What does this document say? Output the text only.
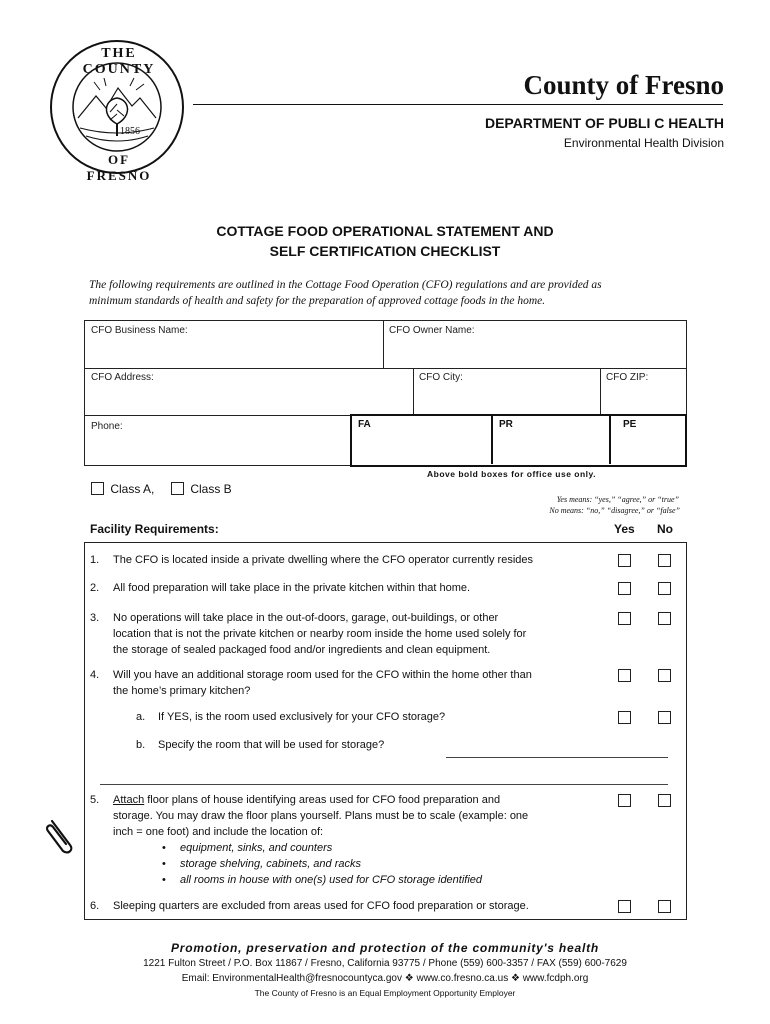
THE COUNTY
OF FRESNO
1856
County of Fresno
DEPARTMENT OF PUBLI C HEALTH
Environmental Health Division
COTTAGE FOOD OPERATIONAL STATEMENT AND
SELF CERTIFICATION CHECKLIST
The following requirements are outlined in the Cottage Food Operation (CFO) regulations and are provided as
minimum standards of health and safety for the preparation of approved cottage foods in the home.
CFO Business Name:	CFO Owner Name:
CFO Address:	CFO City:	CFO ZIP:
Phone:	FA	PR	PE
Above bold boxes for office use only.
Class A,	Class B
Yes means: “yes,” “agree,” or “true”
No means: “no,” “disagree,” or “false”
Facility Requirements:	Yes No
1. The CFO is located inside a private dwelling where the CFO operator currently resides
2. All food preparation will take place in the private kitchen within that home.
3. No operations will take place in the out-of-doors, garage, out-buildings, or other
location that is not the private kitchen or nearby room inside the home used solely for
the storage of sealed packaged food and/or ingredients and clean equipment.
4. Will you have an additional storage room used for the CFO within the home other than
the home’s primary kitchen?
a. If YES, is the room used exclusively for your CFO storage?
b. Specify the room that will be used for storage?
5. Attach floor plans of house identifying areas used for CFO food preparation and
storage. You may draw the floor plans yourself. Plans must be to scale (example: one
inch = one foot) and include the location of:
• equipment, sinks, and counters
• storage shelving, cabinets, and racks
• all rooms in house with one(s) used for CFO storage identified
6. Sleeping quarters are excluded from areas used for CFO food preparation or storage.
Promotion, preservation and protection of the community's health
1221 Fulton Street / P.O. Box 11867 / Fresno, California 93775 / Phone (559) 600-3357 / FAX (559) 600-7629
Email: EnvironmentalHealth@fresnocountyca.gov ❖ www.co.fresno.ca.us ❖ www.fcdph.org
The County of Fresno is an Equal Employment Opportunity Employer
